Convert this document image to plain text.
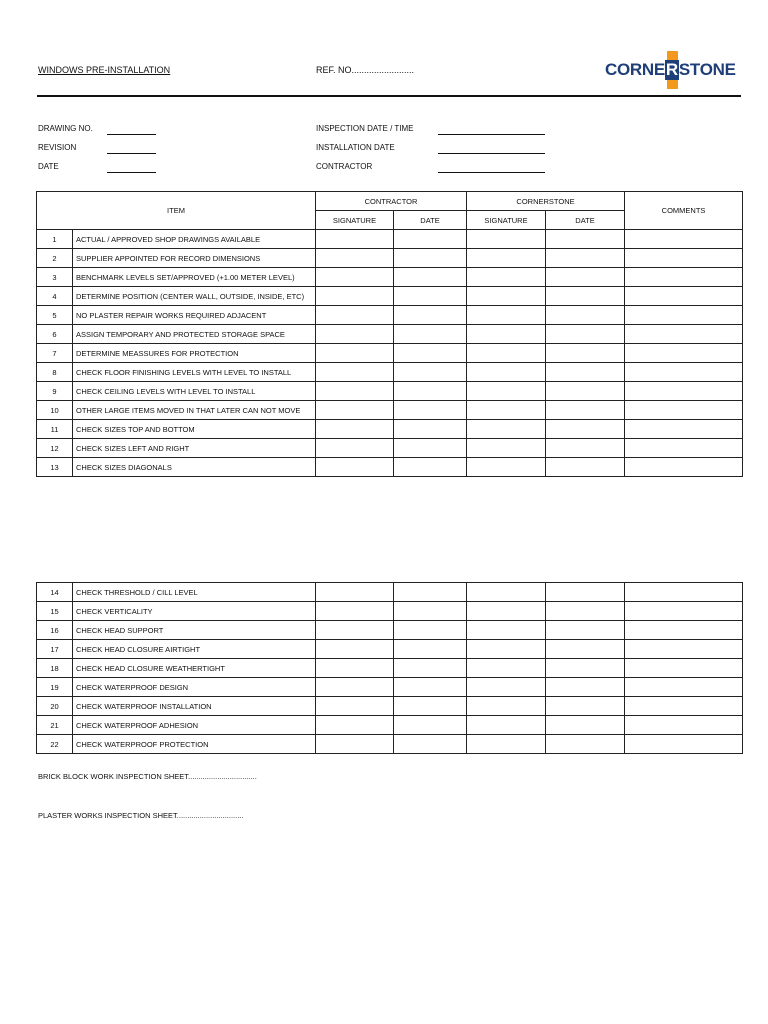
WINDOWS PRE-INSTALLATION	REF. NO.........................	CORNERSTONE
DRAWING NO.
REVISION
DATE
INSPECTION DATE / TIME
INSTALLATION DATE
CONTRACTOR
ITEM		CONTRACTOR		CORNERSTONE		COMMENTS
		SIGNATURE	DATE	SIGNATURE	DATE	
1	ACTUAL / APPROVED SHOP DRAWINGS AVAILABLE					
2	SUPPLIER APPOINTED FOR RECORD DIMENSIONS					
3	BENCHMARK LEVELS SET/APPROVED (+1.00 METER LEVEL)					
4	DETERMINE POSITION (CENTER WALL, OUTSIDE, INSIDE, ETC)					
5	NO PLASTER REPAIR WORKS REQUIRED ADJACENT					
6	ASSIGN TEMPORARY AND PROTECTED STORAGE SPACE					
7	DETERMINE MEASSURES FOR PROTECTION					
8	CHECK FLOOR FINISHING LEVELS WITH LEVEL TO INSTALL					
9	CHECK CEILING LEVELS WITH LEVEL TO INSTALL					
10	OTHER LARGE ITEMS MOVED IN THAT LATER CAN NOT MOVE					
11	CHECK SIZES TOP AND BOTTOM					
12	CHECK SIZES LEFT AND RIGHT					
13	CHECK SIZES DIAGONALS					
14	CHECK THRESHOLD / CILL LEVEL					
15	CHECK VERTICALITY					
16	CHECK HEAD SUPPORT					
17	CHECK HEAD CLOSURE AIRTIGHT					
18	CHECK HEAD CLOSURE WEATHERTIGHT					
19	CHECK WATERPROOF DESIGN					
20	CHECK WATERPROOF INSTALLATION					
21	CHECK WATERPROOF ADHESION					
22	CHECK WATERPROOF PROTECTION					
BRICK BLOCK WORK INSPECTION SHEET.................................
PLASTER WORKS INSPECTION SHEET................................
